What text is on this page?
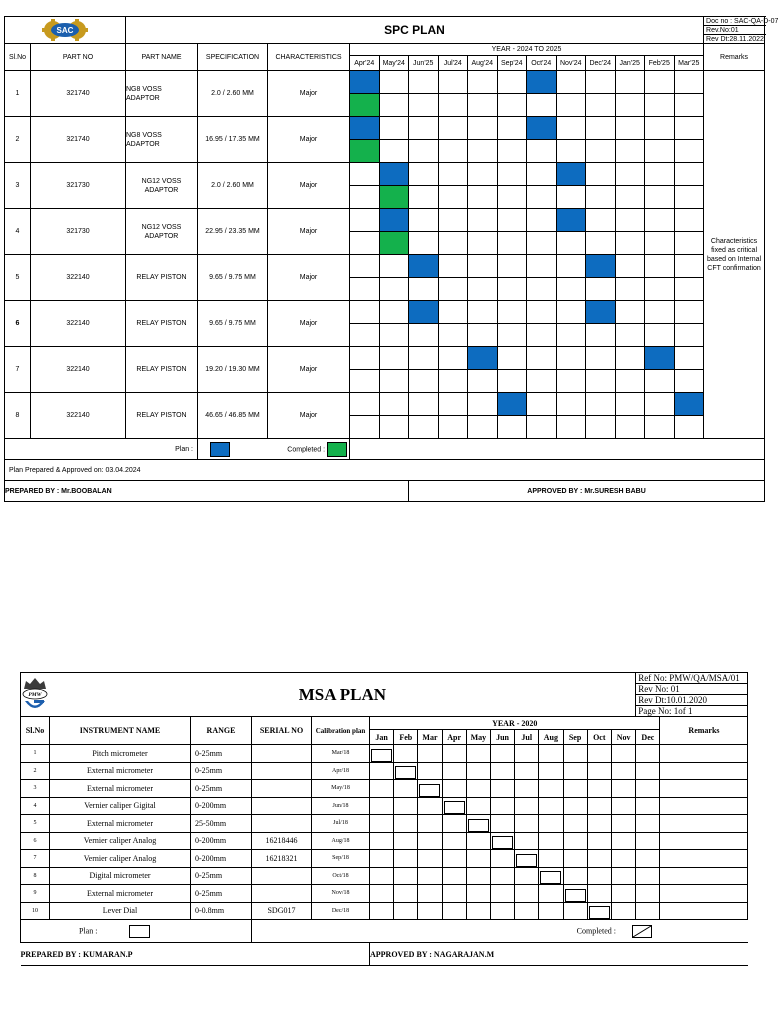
SAC		SPC PLAN															Doc no : SAC-QA-D-07
																	Rev.No:01
																	Rev Dt:28.11.2022
Sl.No	PART NO	PART NAME	SPECIFICATION	CHARACTERISTICS	YEAR - 2024 TO 2025												Remarks
					Apr'24	May'24	Jun'25	Jul'24	Aug'24	Sep'24	Oct'24	Nov'24	Dec'24	Jan'25	Feb'25	Mar'25	
1	321740	NG8 VOSS ADAPTOR	2.0 / 2.60 MM	Major													Characteristics fixed as critical based on Internal CFT confirmation

2	321740	NG8 VOSS ADAPTOR	16.95 / 17.35 MM	Major													

3	321730	NG12 VOSS ADAPTOR	2.0 / 2.60 MM	Major													

4	321730	NG12 VOSS ADAPTOR	22.95 / 23.35 MM	Major													

5	322140	RELAY PISTON	9.65 / 9.75 MM	Major													

6	322140	RELAY PISTON	9.65 / 9.75 MM	Major													

7	322140	RELAY PISTON	19.20 / 19.30 MM	Major													

8	322140	RELAY PISTON	46.65 / 46.85 MM	Major													

Plan :				Completed :													
Plan Prepared & Approved on: 03.04.2024																	
PREPARED BY : Mr.BOOBALAN							APPROVED BY : Mr.SURESH BABU										
PMW	MSA PLAN															Ref No: PMW/QA/MSA/01	
																Rev No: 01	
																Rev Dt:10.01.2020	
																Page No: 1of 1	
Sl.No	INSTRUMENT NAME	RANGE	SERIAL NO	Calibration plan	YEAR - 2020												Remarks
					Jan	Feb	Mar	Apr	May	Jun	Jul	Aug	Sep	Oct	Nov	Dec	
1	Pitch micrometer	0-25mm		Mar/18													
2	External micrometer	0-25mm		Apr/18													
3	External micrometer	0-25mm		May/18													
4	Vernier caliper Gigital	0-200mm		Jun/18													
5	External micrometer	25-50mm		Jul/18													
6	Vernier caliper Analog	0-200mm	16218446	Aug/18													
7	Vernier caliper Analog	0-200mm	16218321	Sep/18													
8	Digital micrometer	0-25mm		Oct/18													
9	External micrometer	0-25mm		Nov/18													
10	Lever Dial	0-0.8mm	SDG017	Dec/18													
Plan :													Completed :				
PREPARED BY : KUMARAN.P					APPROVED BY : NAGARAJAN.M												
